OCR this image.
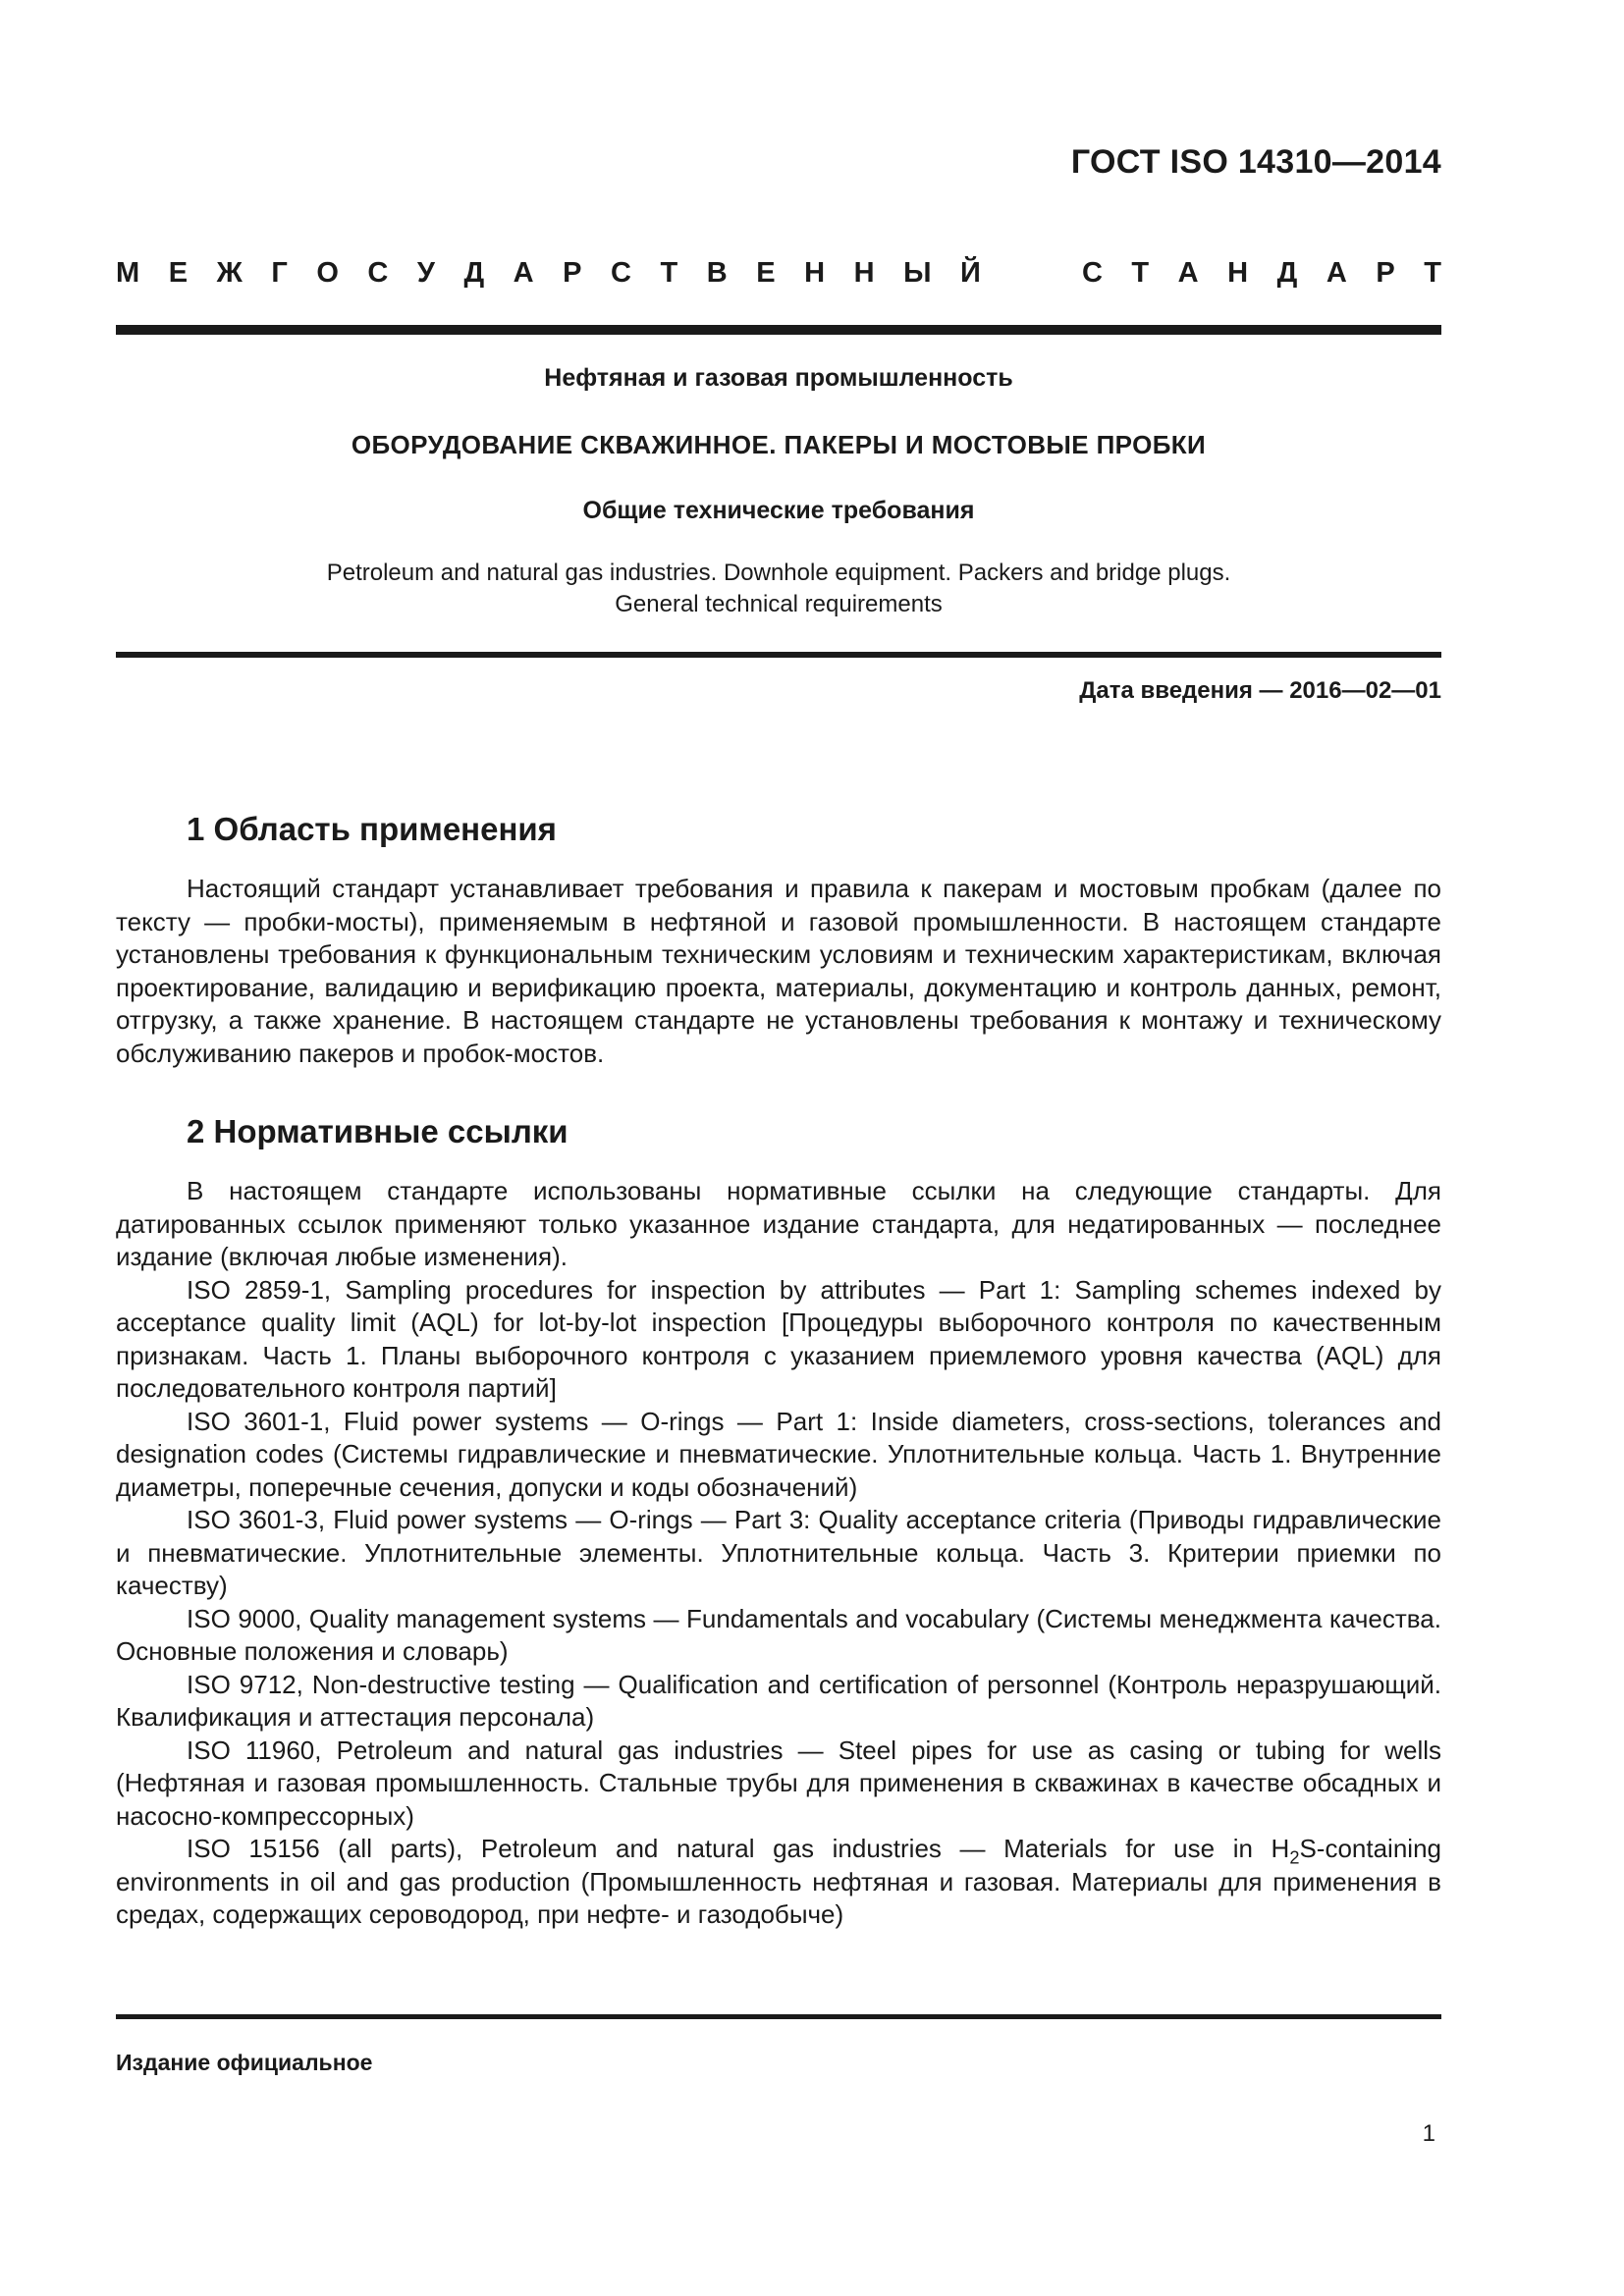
ГОСТ ISO 14310—2014
М Е Ж Г О С У Д А Р С Т В Е Н Н Ы Й	С Т А Н Д А Р Т
Нефтяная и газовая промышленность
ОБОРУДОВАНИЕ СКВАЖИННОЕ. ПАКЕРЫ И МОСТОВЫЕ ПРОБКИ
Общие технические требования
Petroleum and natural gas industries. Downhole equipment. Packers and bridge plugs.
General technical requirements
Дата введения — 2016—02—01
1 Область применения

Настоящий стандарт устанавливает требования и правила к пакерам и мостовым пробкам (далее по тексту — пробки-мосты), применяемым в нефтяной и газовой промышленности. В настоящем стандарте установлены требования к функциональным техническим условиям и техническим характеристикам, включая проектирование, валидацию и верификацию проекта, материалы, документацию и контроль данных, ремонт, отгрузку, а также хранение. В настоящем стандарте не установлены требования к монтажу и техническому обслуживанию пакеров и пробок-мостов.

2 Нормативные ссылки

В настоящем стандарте использованы нормативные ссылки на следующие стандарты. Для датированных ссылок применяют только указанное издание стандарта, для недатированных — последнее издание (включая любые изменения).

ISO 2859-1, Sampling procedures for inspection by attributes — Part 1: Sampling schemes indexed by acceptance quality limit (AQL) for lot-by-lot inspection [Процедуры выборочного контроля по качественным признакам. Часть 1. Планы выборочного контроля с указанием приемлемого уровня качества (AQL) для последовательного контроля партий]

ISO 3601-1, Fluid power systems — O-rings — Part 1: Inside diameters, cross-sections, tolerances and designation codes (Системы гидравлические и пневматические. Уплотнительные кольца. Часть 1. Внутренние диаметры, поперечные сечения, допуски и коды обозначений)

ISO 3601-3, Fluid power systems — O-rings — Part 3: Quality acceptance criteria (Приводы гидравлические и пневматические. Уплотнительные элементы. Уплотнительные кольца. Часть 3. Критерии приемки по качеству)

ISO 9000, Quality management systems — Fundamentals and vocabulary (Системы менеджмента качества. Основные положения и словарь)

ISO 9712, Non-destructive testing — Qualification and certification of personnel (Контроль неразрушающий. Квалификация и аттестация персонала)

ISO 11960, Petroleum and natural gas industries — Steel pipes for use as casing or tubing for wells (Нефтяная и газовая промышленность. Стальные трубы для применения в скважинах в качестве обсадных и насосно-компрессорных)

ISO 15156 (all parts), Petroleum and natural gas industries — Materials for use in $H_2S$-containing environments in oil and gas production (Промышленность нефтяная и газовая. Материалы для применения в средах, содержащих сероводород, при нефте- и газодобыче)

Издание официальное
1
